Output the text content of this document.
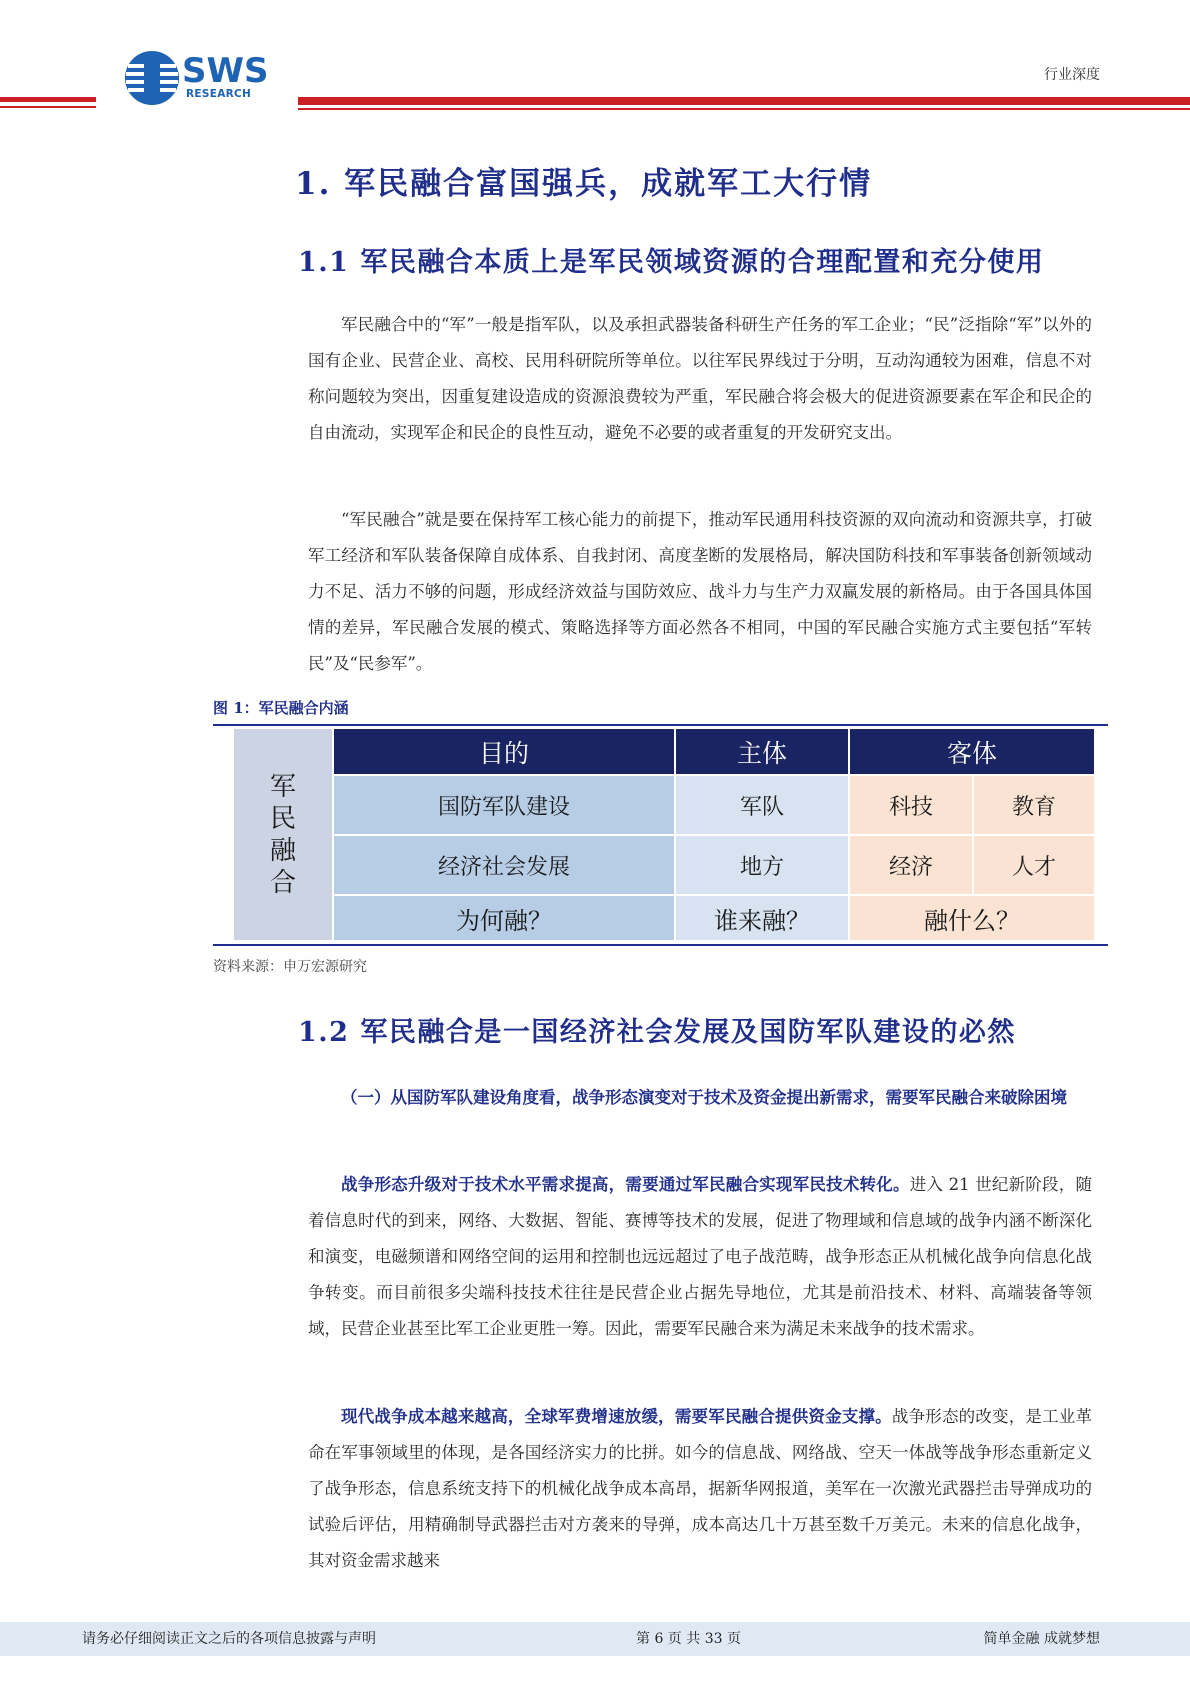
SWS
RESEARCH
行业深度
1. 军民融合富国强兵，成就军工大行情
1.1 军民融合本质上是军民领域资源的合理配置和充分使用
军民融合中的“军”一般是指军队，以及承担武器装备科研生产任务的军工企业；“民”泛指除“军”以外的国有企业、民营企业、高校、民用科研院所等单位。以往军民界线过于分明，互动沟通较为困难，信息不对称问题较为突出，因重复建设造成的资源浪费较为严重，军民融合将会极大的促进资源要素在军企和民企的自由流动，实现军企和民企的良性互动，避免不必要的或者重复的开发研究支出。
“军民融合”就是要在保持军工核心能力的前提下，推动军民通用科技资源的双向流动和资源共享，打破军工经济和军队装备保障自成体系、自我封闭、高度垄断的发展格局，解决国防科技和军事装备创新领域动力不足、活力不够的问题，形成经济效益与国防效应、战斗力与生产力双赢发展的新格局。由于各国具体国情的差异，军民融合发展的模式、策略选择等方面必然各不相同，中国的军民融合实施方式主要包括“军转民”及“民参军”。
图 1：军民融合内涵
军
民
融
合
目的	主体	客体
国防军队建设	军队	科技	教育
经济社会发展	地方	经济	人才
为何融？	谁来融？	融什么？
资料来源：申万宏源研究
1.2 军民融合是一国经济社会发展及国防军队建设的必然
（一）从国防军队建设角度看，战争形态演变对于技术及资金提出新需求，需要军民融合来破除困境
战争形态升级对于技术水平需求提高，需要通过军民融合实现军民技术转化。进入 21 世纪新阶段，随着信息时代的到来，网络、大数据、智能、赛博等技术的发展，促进了物理域和信息域的战争内涵不断深化和演变，电磁频谱和网络空间的运用和控制也远远超过了电子战范畴，战争形态正从机械化战争向信息化战争转变。而目前很多尖端科技技术往往是民营企业占据先导地位，尤其是前沿技术、材料、高端装备等领域，民营企业甚至比军工企业更胜一筹。因此，需要军民融合来为满足未来战争的技术需求。
现代战争成本越来越高，全球军费增速放缓，需要军民融合提供资金支撑。战争形态的改变，是工业革命在军事领域里的体现，是各国经济实力的比拼。如今的信息战、网络战、空天一体战等战争形态重新定义了战争形态，信息系统支持下的机械化战争成本高昂，据新华网报道，美军在一次激光武器拦击导弹成功的试验后评估，用精确制导武器拦击对方袭来的导弹，成本高达几十万甚至数千万美元。未来的信息化战争，其对资金需求越来
请务必仔细阅读正文之后的各项信息披露与声明	第 6 页 共 33 页	简单金融 成就梦想
